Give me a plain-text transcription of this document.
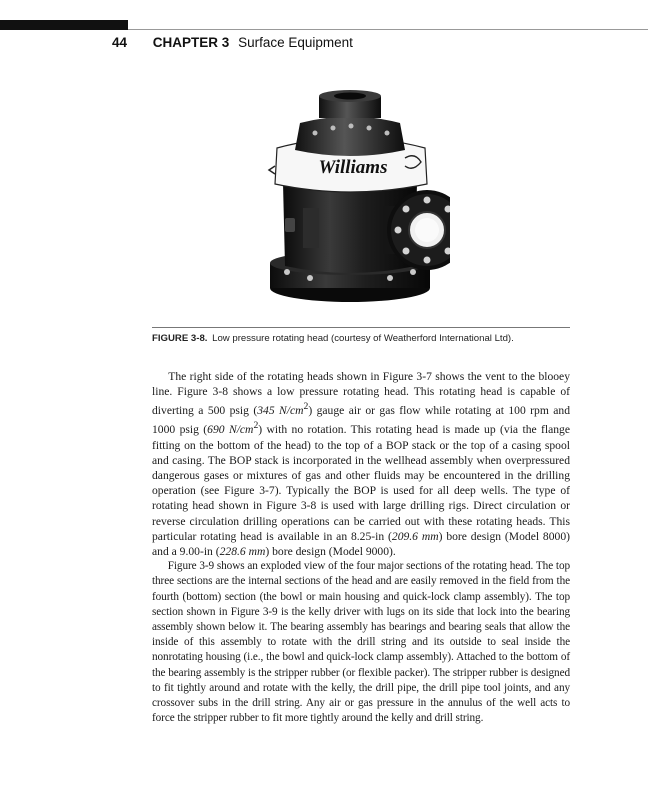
44 CHAPTER 3 Surface Equipment
Williams
FIGURE 3-8. Low pressure rotating head (courtesy of Weatherford International Ltd).

The right side of the rotating heads shown in Figure 3-7 shows the vent to the blooey line. Figure 3-8 shows a low pressure rotating head. This rotating head is capable of diverting a 500 psig (345 $N/cm^2$) gauge air or gas flow while rotating at 100 rpm and 1000 psig (690 $N/cm^2$) with no rotation. This rotating head is made up (via the flange fitting on the bottom of the head) to the top of a BOP stack or the top of a casing spool and casing. The BOP stack is incorporated in the wellhead assembly when overpressured dangerous gases or mixtures of gas and other fluids may be encountered in the drilling operation (see Figure 3-7). Typically the BOP is used for all deep wells. The type of rotating head shown in Figure 3-8 is used with large drilling rigs. Direct circulation or reverse circulation drilling operations can be carried out with these rotating heads. This particular rotating head is available in an 8.25-in (209.6 mm) bore design (Model 8000) and a 9.00-in (228.6 mm) bore design (Model 9000).

Figure 3-9 shows an exploded view of the four major sections of the rotating head. The top three sections are the internal sections of the head and are easily removed in the field from the fourth (bottom) section (the bowl or main housing and quick-lock clamp assembly). The top section shown in Figure 3-9 is the kelly driver with lugs on its side that lock into the bearing assembly shown below it. The bearing assembly has bearings and bearing seals that allow the inside of this assembly to rotate with the drill string and its outside to seal inside the nonrotating housing (i.e., the bowl and quick-lock clamp assembly). Attached to the bottom of the bearing assembly is the stripper rubber (or flexible packer). The stripper rubber is designed to fit tightly around and rotate with the kelly, the drill pipe, the drill pipe tool joints, and any crossover subs in the drill string. Any air or gas pressure in the annulus of the well acts to force the stripper rubber to fit more tightly around the kelly and drill string.
